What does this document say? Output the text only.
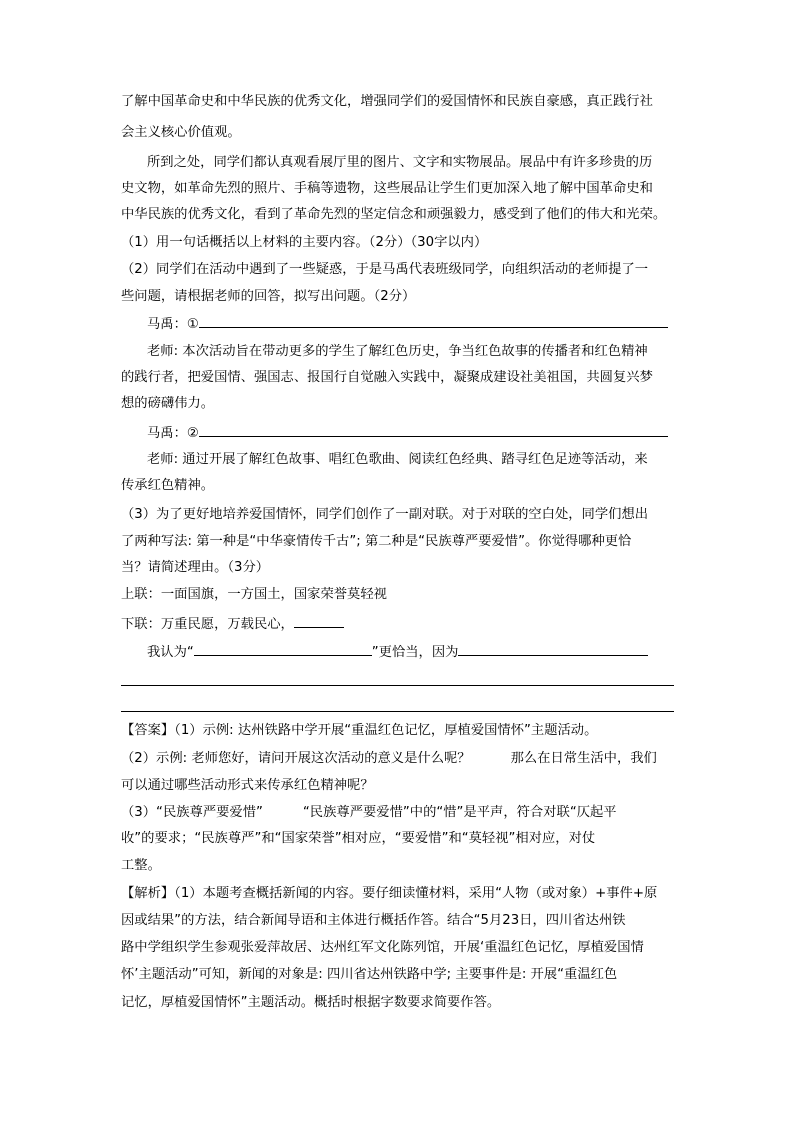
了解中国革命史和中华民族的优秀文化，增强同学们的爱国情怀和民族自豪感，真正践行社
会主义核心价值观。
所到之处，同学们都认真观看展厅里的图片、文字和实物展品。展品中有许多珍贵的历
史文物，如革命先烈的照片、手稿等遗物，这些展品让学生们更加深入地了解中国革命史和
中华民族的优秀文化，看到了革命先烈的坚定信念和顽强毅力，感受到了他们的伟大和光荣。
（1）用一句话概括以上材料的主要内容。（2分）（30字以内）
（2）同学们在活动中遇到了一些疑惑，于是马禹代表班级同学，向组织活动的老师提了一
些问题，请根据老师的回答，拟写出问题。（2分）
马禹：①
老师: 本次活动旨在带动更多的学生了解红色历史，争当红色故事的传播者和红色精神
的践行者，把爱国情、强国志、报国行自觉融入实践中，凝聚成建设社美祖国，共圆复兴梦
想的磅礴伟力。
马禹：②
老师: 通过开展了解红色故事、唱红色歌曲、阅读红色经典、踏寻红色足迹等活动，来
传承红色精神。
（3）为了更好地培养爱国情怀，同学们创作了一副对联。对于对联的空白处，同学们想出
了两种写法: 第一种是“中华豪情传千古”; 第二种是“民族尊严要爱惜”。你觉得哪种更恰
当？请简述理由。（3分）
上联：一面国旗，一方国土，国家荣誉莫轻视
下联：万重民愿，万载民心，
我认为“	”更恰当，因为
【答案】（1）示例: 达州铁路中学开展“重温红色记忆，厚植爱国情怀”主题活动。
（2）示例: 老师您好，请问开展这次活动的意义是什么呢？	那么在日常生活中，我们
可以通过哪些活动形式来传承红色精神呢？
（3）“民族尊严要爱惜”	“民族尊严要爱惜”中的“惜”是平声，符合对联“仄起平
收”的要求；“民族尊严”和“国家荣誉”相对应，“要爱惜”和“莫轻视”相对应，对仗
工整。
【解析】（1）本题考查概括新闻的内容。要仔细读懂材料，采用“人物（或对象）+事件+原
因或结果”的方法，结合新闻导语和主体进行概括作答。结合“5月23日，四川省达州铁
路中学组织学生参观张爱萍故居、达州红军文化陈列馆，开展‘重温红色记忆，厚植爱国情
怀’主题活动”可知，新闻的对象是: 四川省达州铁路中学; 主要事件是: 开展“重温红色
记忆，厚植爱国情怀”主题活动。概括时根据字数要求简要作答。
